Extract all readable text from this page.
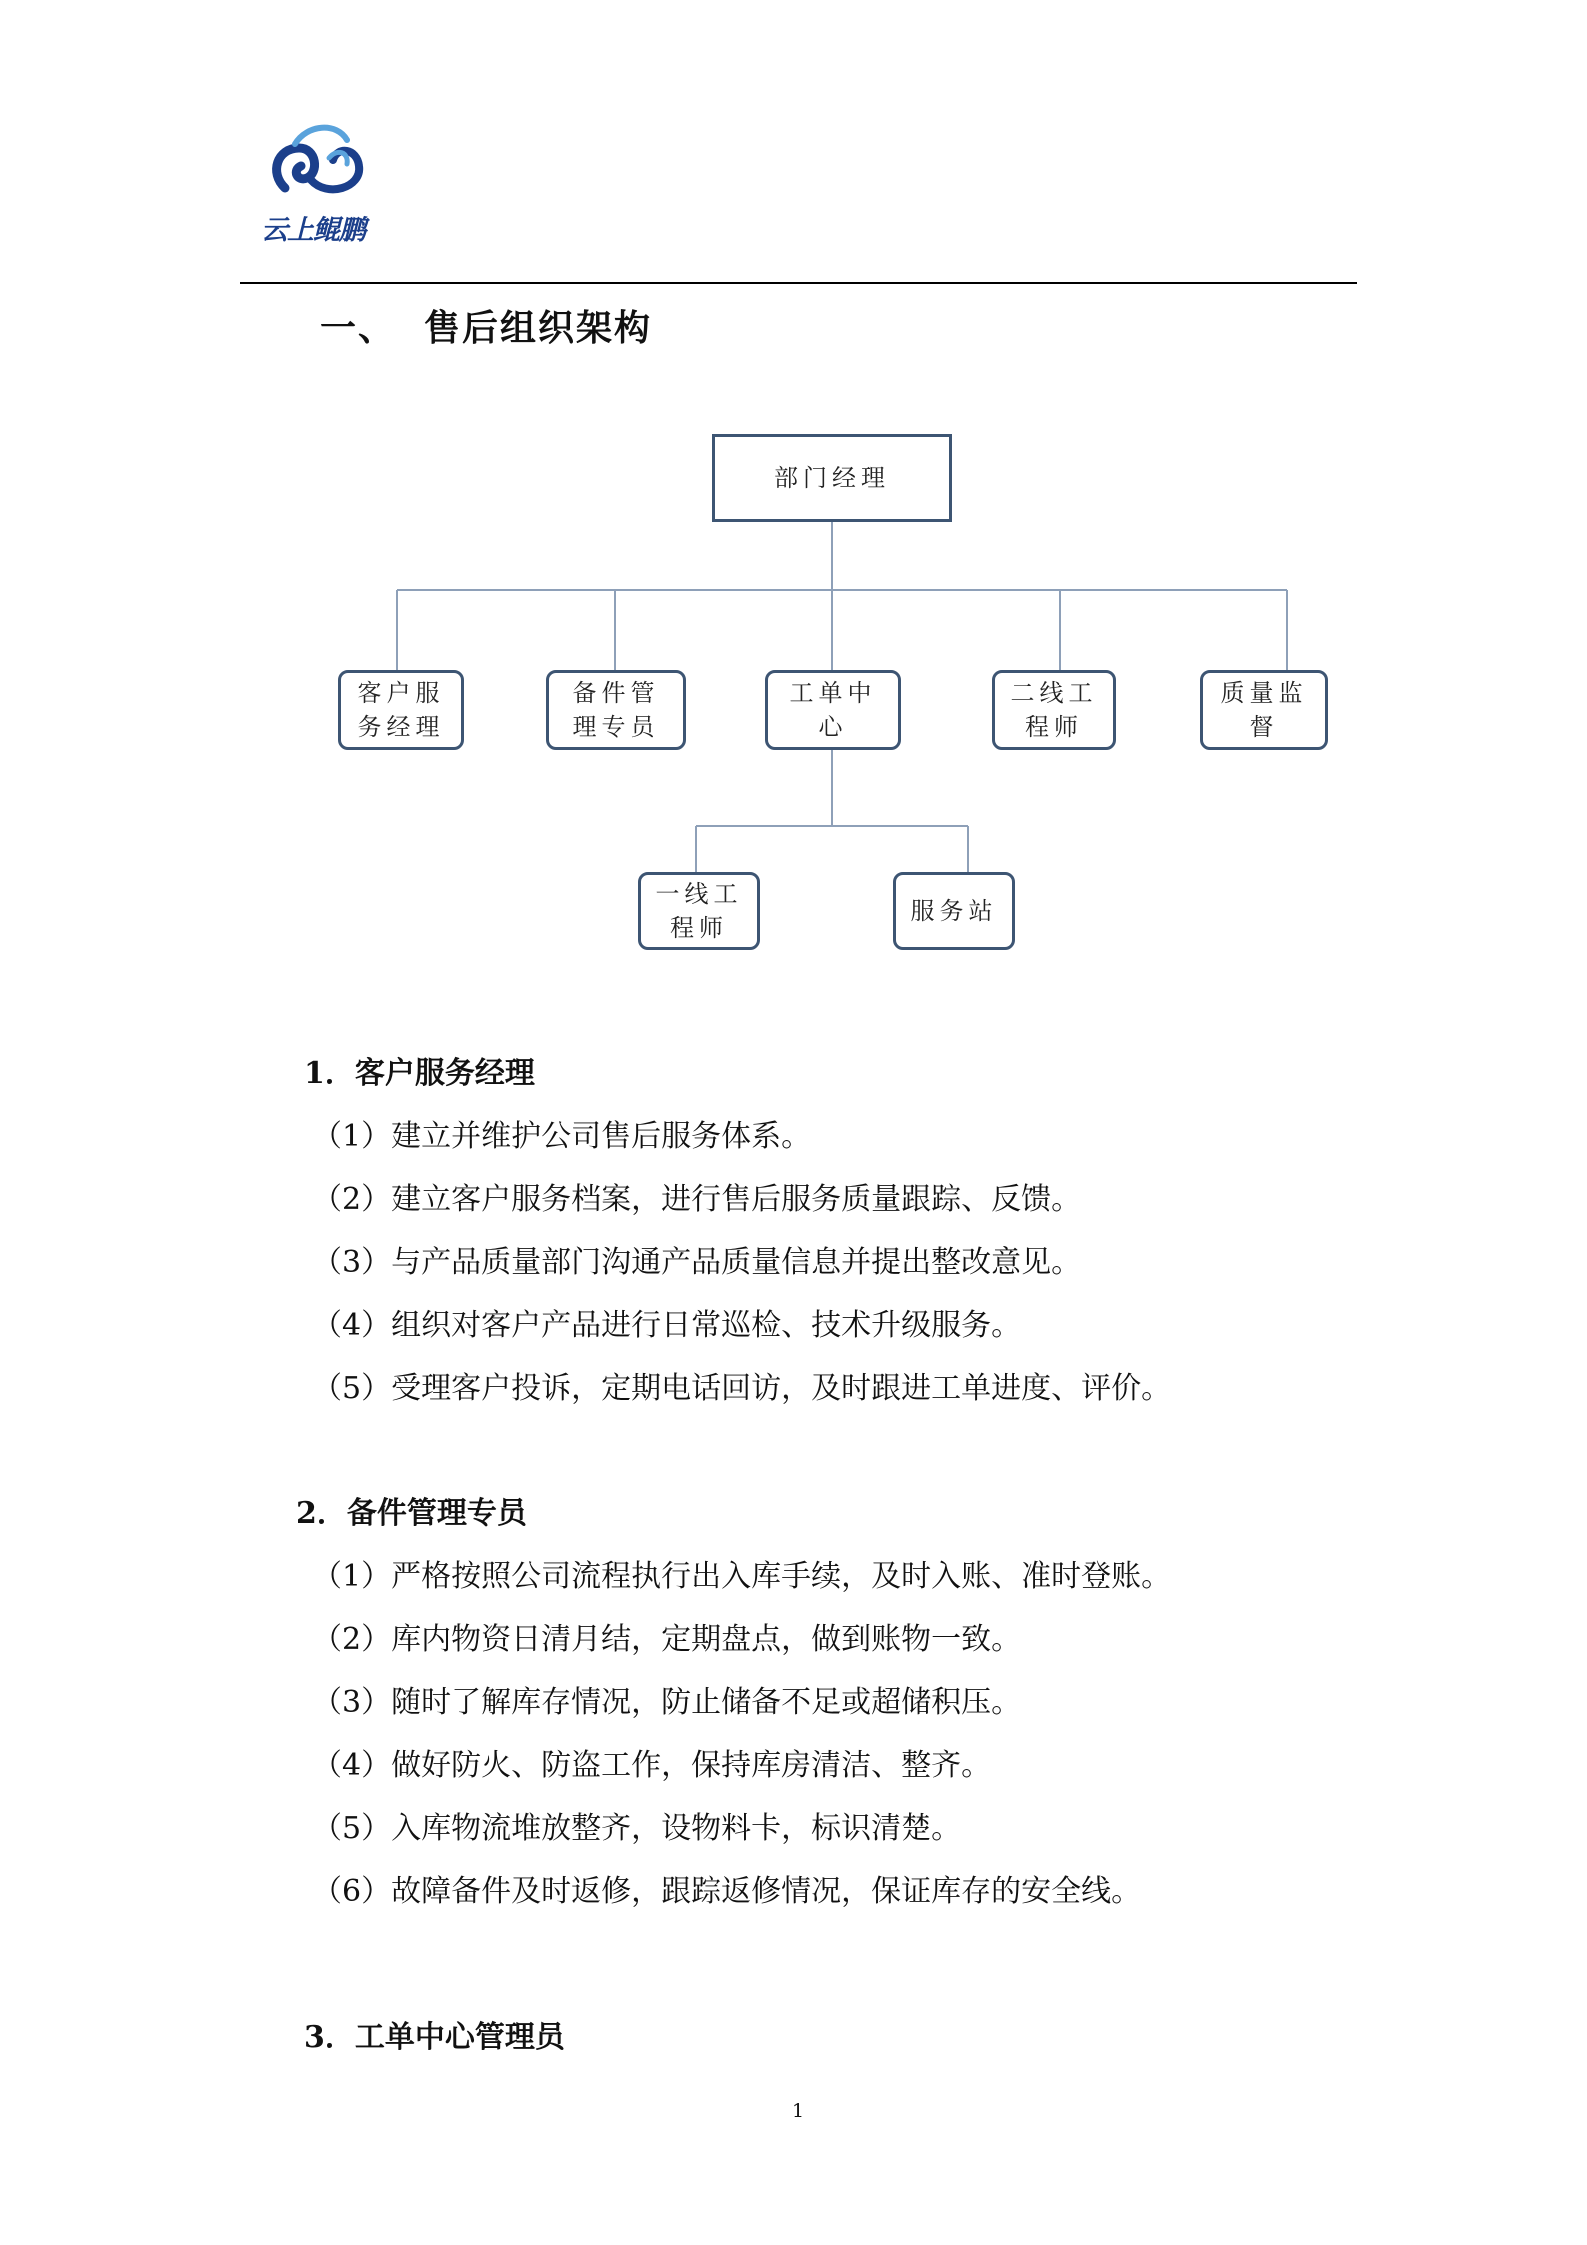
云上鲲鹏
一、 售后组织架构
部门经理
客户服
务经理
备件管
理专员
工单中
心
二线工
程师
质量监
督
一线工
程师
服务站
1．客户服务经理
（1）建立并维护公司售后服务体系。
（2）建立客户服务档案，进行售后服务质量跟踪、反馈。
（3）与产品质量部门沟通产品质量信息并提出整改意见。
（4）组织对客户产品进行日常巡检、技术升级服务。
（5）受理客户投诉，定期电话回访，及时跟进工单进度、评价。
2．备件管理专员
（1）严格按照公司流程执行出入库手续，及时入账、准时登账。
（2）库内物资日清月结，定期盘点，做到账物一致。
（3）随时了解库存情况，防止储备不足或超储积压。
（4）做好防火、防盗工作，保持库房清洁、整齐。
（5）入库物流堆放整齐，设物料卡，标识清楚。
（6）故障备件及时返修，跟踪返修情况，保证库存的安全线。
3．工单中心管理员
1
